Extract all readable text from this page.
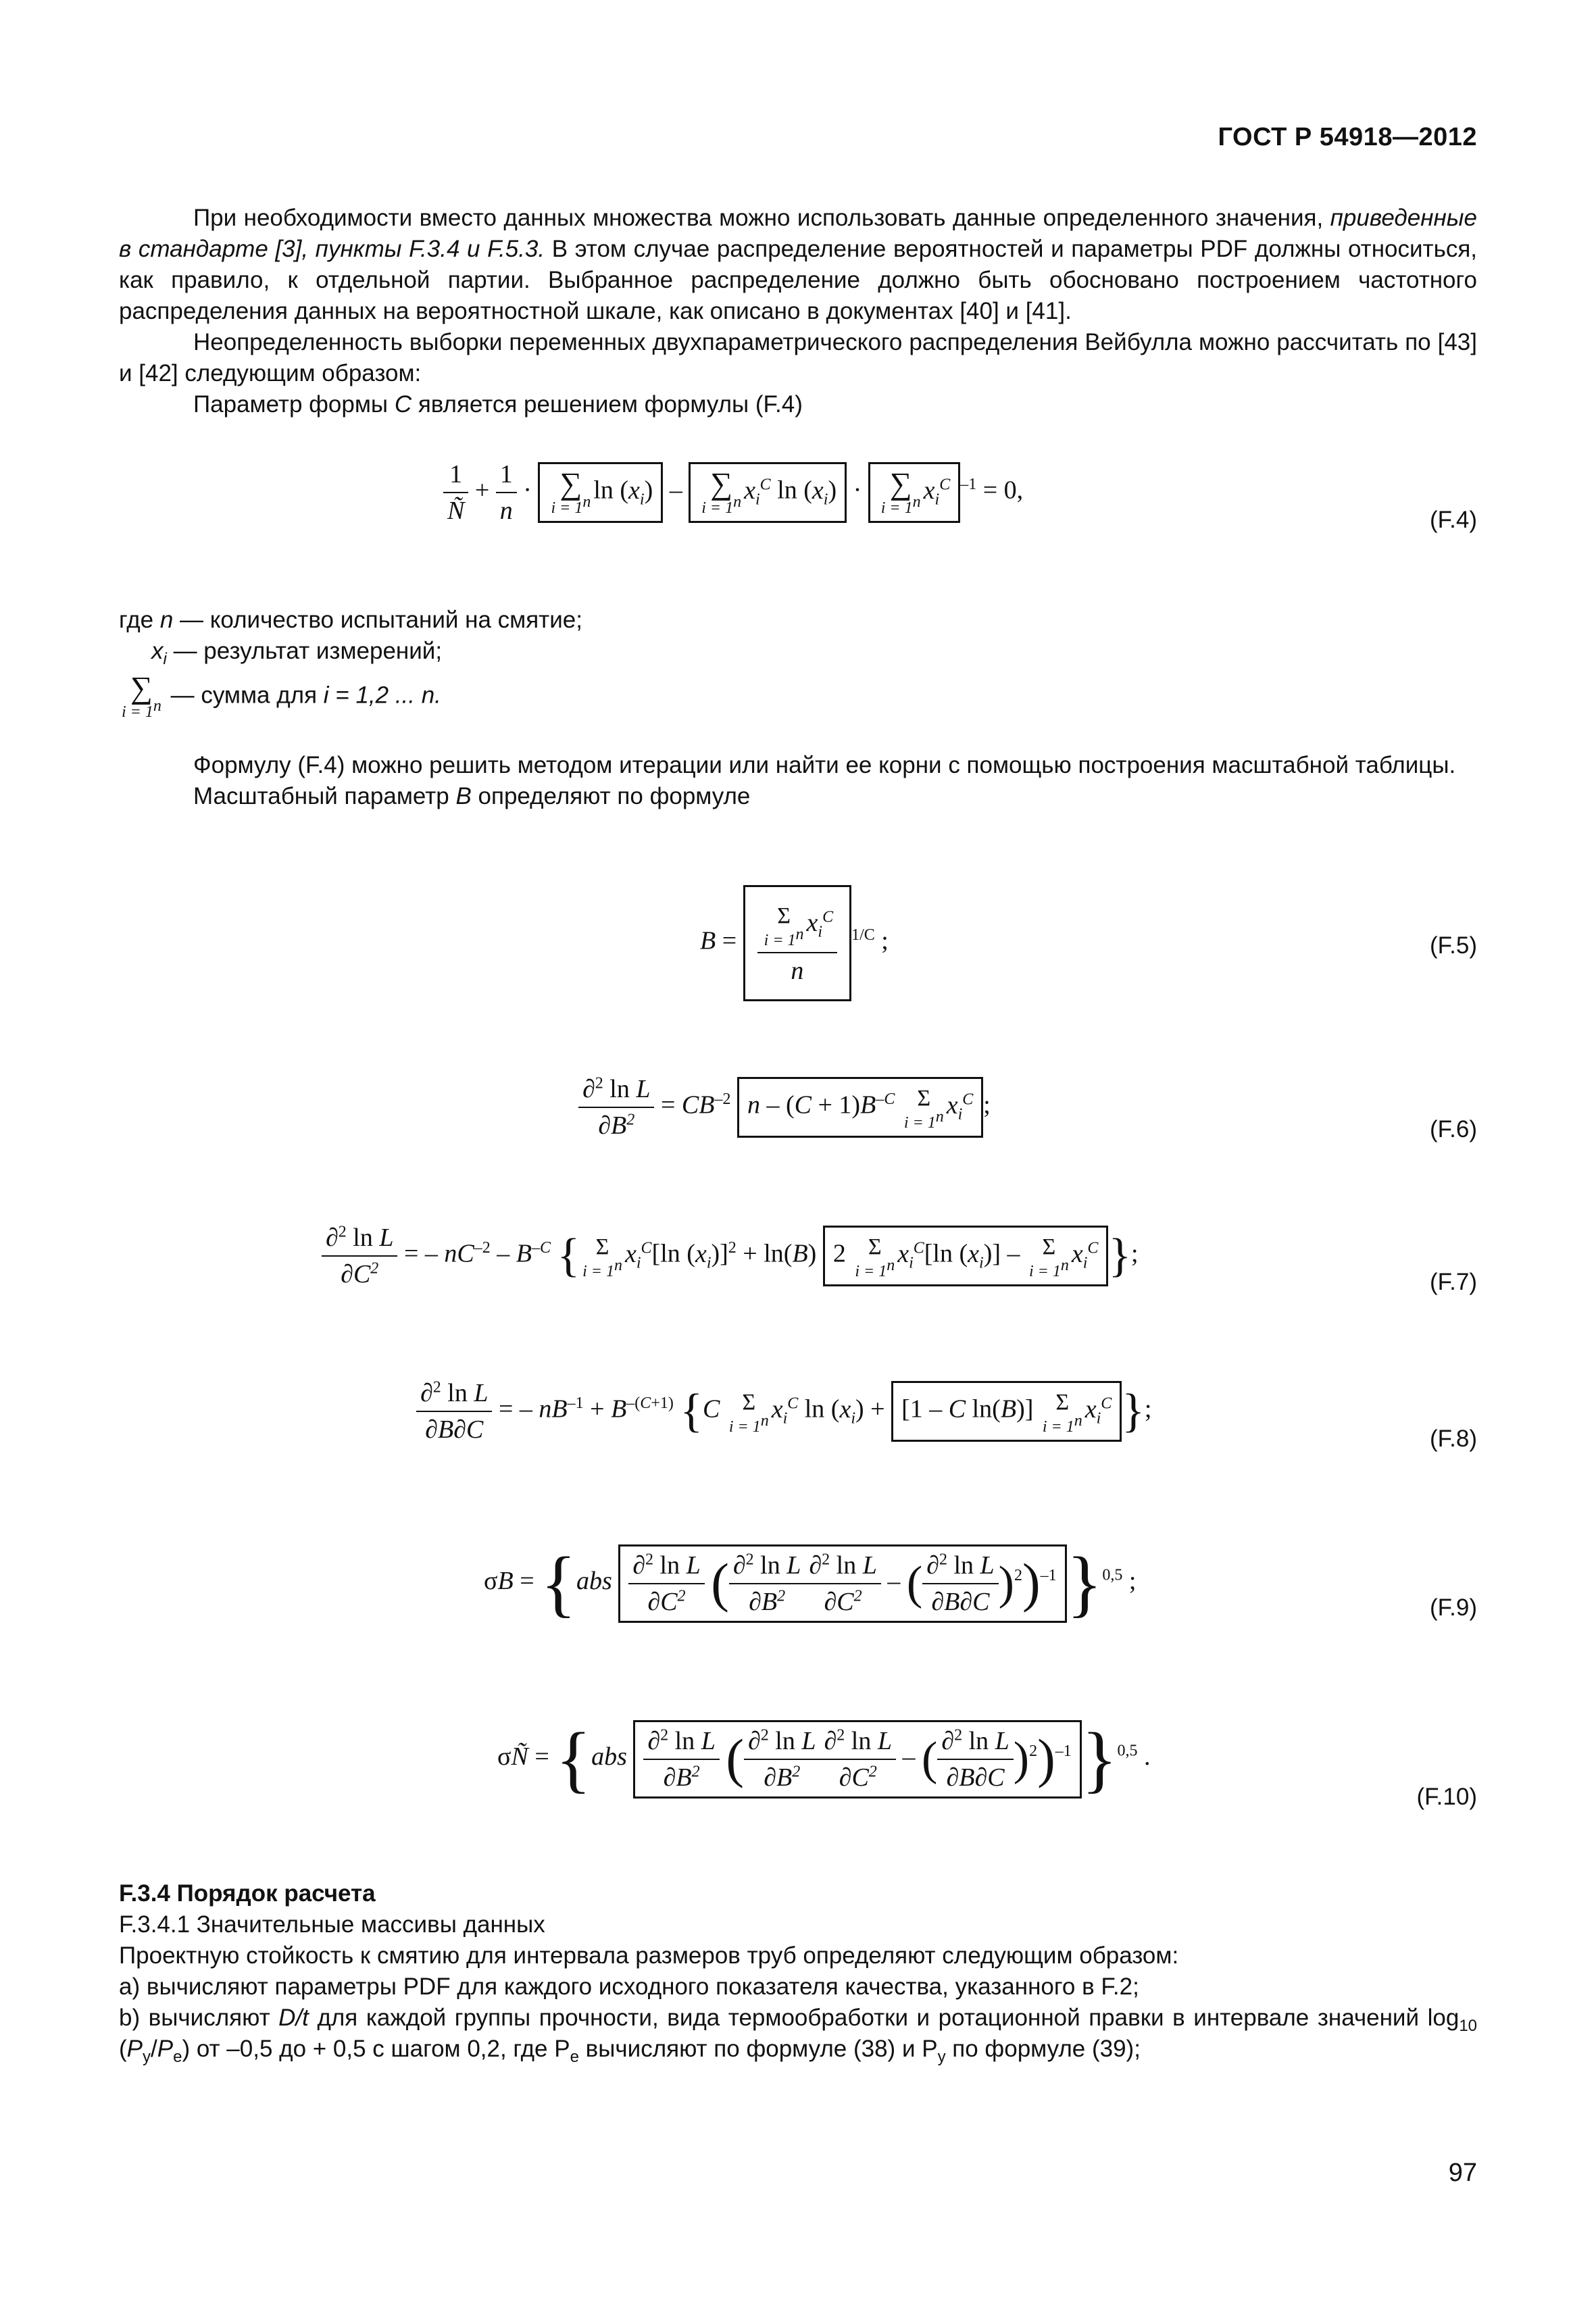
ГОСТ Р 54918—2012

При необходимости вместо данных множества можно использовать данные определенного значения, приведенные в стандарте [3], пункты F.3.4 и F.5.3. В этом случае распределение вероятностей и параметры PDF должны относиться, как правило, к отдельной партии. Выбранное распределение должно быть обосновано построением частотного распределения данных на вероятностной шкале, как описано в документах [40] и [41].

Неопределенность выборки переменных двухпараметрического распределения Вейбулла можно рассчитать по [43] и [42] следующим образом:

Параметр формы C является решением формулы (F.4)

$\frac{1}{Ñ} + \frac{1}{n}$ · ∑
$i = 1^n$ $\ln (x_i)$ – ∑
$i = 1^n$ $x_i^C$ $\ln (x_i)$ · ∑
$i = 1^n$ $x_i^C$ $^{-1}$ = 0,
(F.4)

где n — количество испытаний на смятие;

$x_i$ — результат измерений;

∑
$i = 1^n$ — сумма для i = 1,2 ... n.

Формулу (F.4) можно решить методом итерации или найти ее корни с помощью построения масштабной таблицы.

Масштабный параметр B определяют по формуле

B = Σ
$i = 1^n$ $x_i^C$
n $^{1/C}$ ;	(F.5)
$\frac{\partial^2 \ln L}{\partial B^2} = CB^{-2}$ $n - (C + 1)B^{-C}$ Σ
$i = 1^n$ $x_i^C$ ;
(F.6)
$\frac{\partial^2 \ln L}{\partial C^2}$ = – $nC^{-2} - B^{-C}$ { Σ
$i = 1^n$ $x_i^C[\ln$ $(x_i)]^2 + \ln(B)$ 2 Σ
$i = 1^n$ $x_i^C[\ln$ $(x_i)$] – Σ
$i = 1^n$ $x_i^C$ };
(F.7)
$\frac{\partial^2 \ln L}{\partial B\partial C}$ = – $nB^{-1} + B^{-(C+1)}$ {C Σ
$i = 1^n$ $x_i^C$ $\ln (x_i) + [1 - C$ ln(B)] Σ
$i = 1^n$ $x_i^C$ };
(F.8)
$\sigma B = \{abs \frac{\partial^2 \ln L}{\partial C^2}$ ( $\frac{\partial^2 \ln L}{\partial B^2} \frac{\partial^2 \ln L}{\partial C^2}$ – ( $\frac{\partial^2 \ln L}{\partial B\partial C} )^2)^{-1}$ }$^{0,5}$ ;
(F.9)
σÑ = {$abs \frac{\partial^2 \ln L}{\partial B^2}$ ( $\frac{\partial^2 \ln L}{\partial B^2} \frac{\partial^2 \ln L}{\partial C^2}$ – ( $\frac{\partial^2 \ln L}{\partial B\partial C} )^2)^{-1}$ }$^{0,5}$ .
(F.10)

F.3.4 Порядок расчета

F.3.4.1 Значительные массивы данных

Проектную стойкость к смятию для интервала размеров труб определяют следующим образом:

а) вычисляют параметры PDF для каждого исходного показателя качества, указанного в F.2;

b) вычисляют D/t для каждой группы прочности, вида термообработки и ротационной правки в интервале значений $\log_{10} (P_y/P_e)$ от –0,5 до + 0,5 с шагом 0,2, где $P_e$ вычисляют по формуле (38) и $P_y$ по формуле (39);

97
